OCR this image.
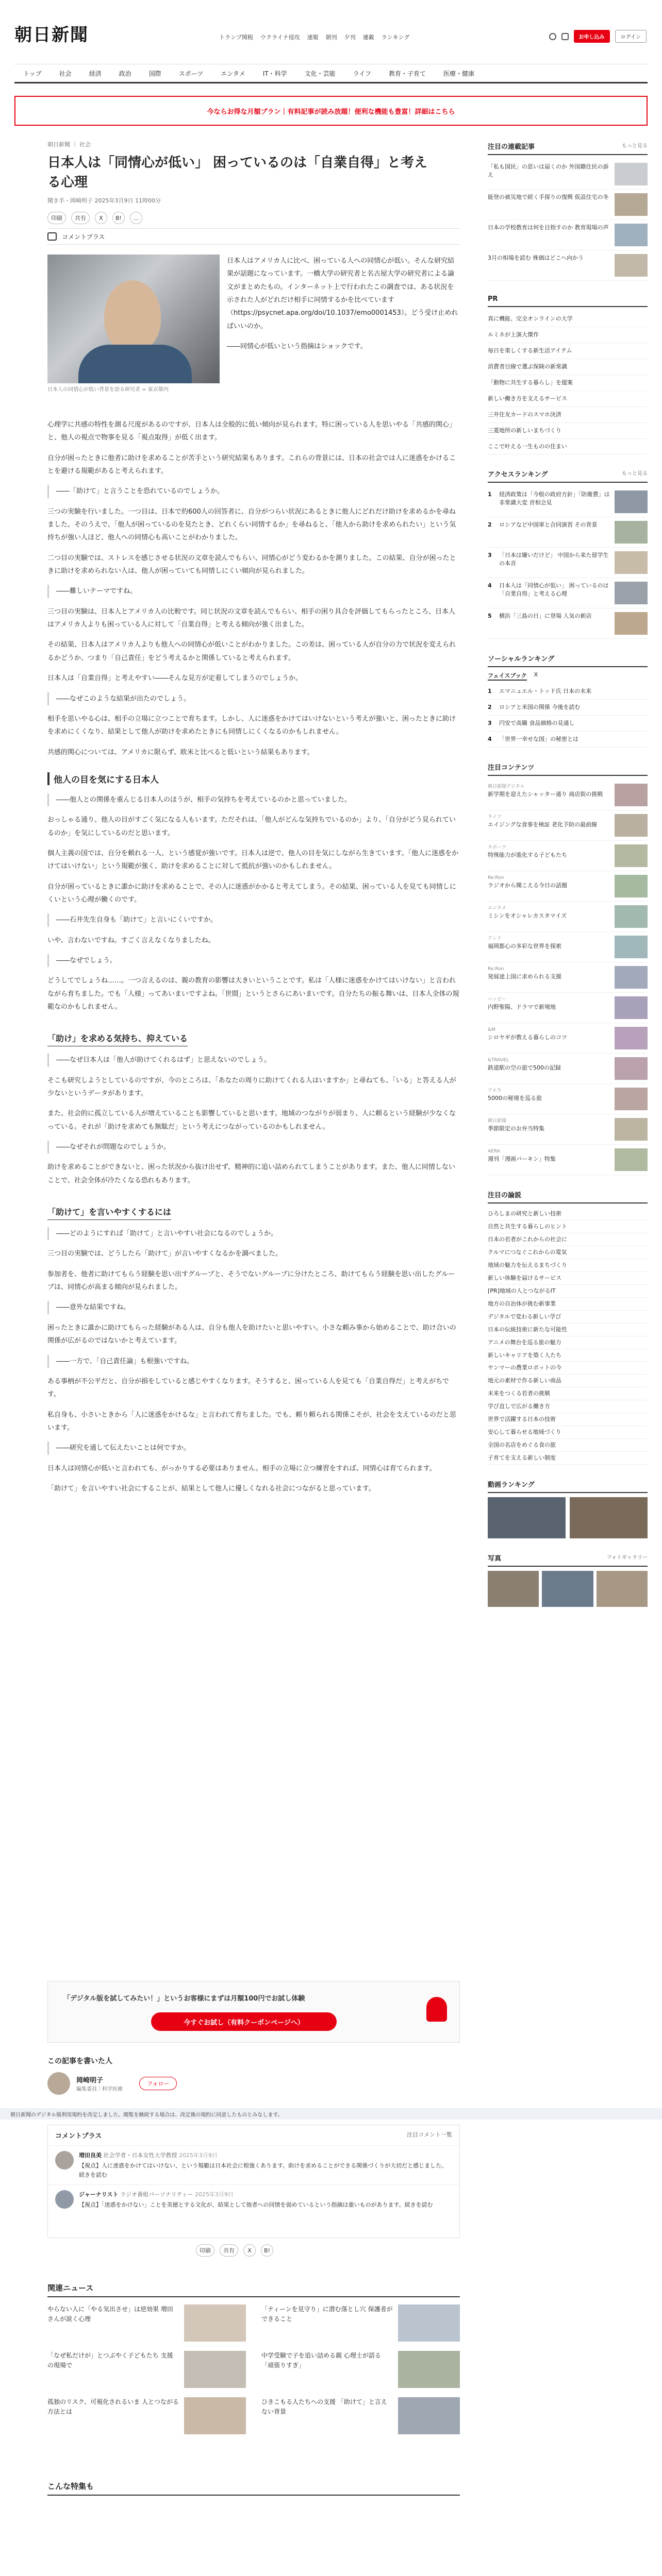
朝日新聞	トランプ関税 ウクライナ侵攻 速報 朝刊 夕刊 連載 ランキング	お申し込み	ログイン
トップ	社会	経済	政治	国際	スポーツ	エンタメ	IT・科学	文化・芸能	ライフ	教育・子育て	医療・健康
今ならお得な月額プラン｜有料記事が読み放題！便利な機能も豊富！詳細はこちら
朝日新聞 ｜ 社会
日本人は「同情心が低い」 困っているのは「自業自得」と考える心理
聞き手・岡崎明子 2025年3月9日 11時00分
印刷	共有	X	B!	…
コメントプラス
日本人の同情心が低い背景を語る研究者 = 東京都内

日本人はアメリカ人に比べ、困っている人への同情心が低い。そんな研究結果が話題になっています。一橋大学の研究者と名古屋大学の研究者による論文がまとめたもの。インターネット上で行われたこの調査では、ある状況を示された人がどれだけ相手に同情するかを比べています（https://psycnet.apa.org/doi/10.1037/emo0001453）。どう受け止めればいいのか。

――同情心が低いという指摘はショックです。

心理学に共感の特性を測る尺度があるのですが、日本人は全般的に低い傾向が見られます。特に困っている人を思いやる「共感的関心」と、他人の視点で物事を見る「視点取得」が低く出ます。

自分が困ったときに他者に助けを求めることが苦手という研究結果もあります。これらの背景には、日本の社会では人に迷惑をかけることを避ける規範があると考えられます。

――「助けて」と言うことを恐れているのでしょうか。

三つの実験を行いました。一つ目は、日本で約600人の回答者に、自分がつらい状況にあるときに他人にどれだけ助けを求めるかを尋ねました。そのうえで、「他人が困っているのを見たとき、どれくらい同情するか」を尋ねると、「他人から助けを求められたい」という気持ちが強い人ほど、他人への同情心も高いことがわかりました。

二つ目の実験では、ストレスを感じさせる状況の文章を読んでもらい、同情心がどう変わるかを測りました。この結果、自分が困ったときに助けを求められない人は、他人が困っていても同情しにくい傾向が見られました。

――難しいテーマですね。

三つ目の実験は、日本人とアメリカ人の比較です。同じ状況の文章を読んでもらい、相手の困り具合を評価してもらったところ、日本人はアメリカ人よりも困っている人に対して「自業自得」と考える傾向が強く出ました。

その結果、日本人はアメリカ人よりも他人への同情心が低いことがわかりました。この差は、困っている人が自分の力で状況を変えられるかどうか、つまり「自己責任」をどう考えるかと関係していると考えられます。

日本人は「自業自得」と考えやすい――そんな見方が定着してしまうのでしょうか。

――なぜこのような結果が出たのでしょう。

相手を思いやる心は、相手の立場に立つことで育ちます。しかし、人に迷惑をかけてはいけないという考えが強いと、困ったときに助けを求めにくくなり、結果として他人が助けを求めたときにも同情しにくくなるのかもしれません。

共感的関心については、アメリカに限らず、欧米と比べると低いという結果もあります。

他人の目を気にする日本人

――他人との関係を重んじる日本人のほうが、相手の気持ちを考えているのかと思っていました。

おっしゃる通り、他人の目がすごく気になる人もいます。ただそれは、「他人がどんな気持ちでいるのか」より、「自分がどう見られているのか」を気にしているのだと思います。

個人主義の国では、自分を頼れる一人、という感覚が強いです。日本人は逆で、他人の目を気にしながら生きています。「他人に迷惑をかけてはいけない」という規範が強く、助けを求めることに対して抵抗が強いのかもしれません。

自分が困っているときに誰かに助けを求めることで、その人に迷惑がかかると考えてしまう。その結果、困っている人を見ても同情しにくいという心理が働くのです。

――石井先生自身も「助けて」と言いにくいですか。

いや、言わないですね。すごく言えなくなりましたね。

――なぜでしょう。

どうしてでしょうね……。一つ言えるのは、親の教育の影響は大きいということです。私は「人様に迷惑をかけてはいけない」と言われながら育ちました。でも「人様」ってあいまいですよね。「世間」というとさらにあいまいです。自分たちの振る舞いは、日本人全体の規範なのかもしれません。

「助け」を求める気持ち、抑えている

――なぜ日本人は「他人が助けてくれるはず」と思えないのでしょう。

そこも研究しようとしているのですが、今のところは、「あなたの周りに助けてくれる人はいますか」と尋ねても、「いる」と答える人が少ないというデータがあります。

また、社会的に孤立している人が増えていることも影響していると思います。地域のつながりが弱まり、人に頼るという経験が少なくなっている。それが「助けを求めても無駄だ」という考えにつながっているのかもしれません。

――なぜそれが問題なのでしょうか。

助けを求めることができないと、困った状況から抜け出せず、精神的に追い詰められてしまうことがあります。また、他人に同情しないことで、社会全体が冷たくなる恐れもあります。

「助けて」を言いやすくするには

――どのようにすれば「助けて」と言いやすい社会になるのでしょうか。

三つ目の実験では、どうしたら「助けて」が言いやすくなるかを調べました。

参加者を、他者に助けてもらう経験を思い出すグループと、そうでないグループに分けたところ、助けてもらう経験を思い出したグループは、同情心が高まる傾向が見られました。

――意外な結果ですね。

困ったときに誰かに助けてもらった経験がある人は、自分も他人を助けたいと思いやすい。小さな頼み事から始めることで、助け合いの関係が広がるのではないかと考えています。

――一方で、「自己責任論」も根強いですね。

ある事柄が不公平だと、自分が損をしていると感じやすくなります。そうすると、困っている人を見ても「自業自得だ」と考えがちです。

私自身も、小さいときから「人に迷惑をかけるな」と言われて育ちました。でも、頼り頼られる関係こそが、社会を支えているのだと思います。

――研究を通して伝えたいことは何ですか。

日本人は同情心が低いと言われても、がっかりする必要はありません。相手の立場に立つ練習をすれば、同情心は育てられます。

「助けて」を言いやすい社会にすることが、結果として他人に優しくなれる社会につながると思っています。

「デジタル版を試してみたい！」というお客様にまずは月額100円でお試し体験
今すぐお試し（有料クーポンページへ）
この記事を書いた人
岡崎明子
編集委員｜科学医療
フォロー
朝日新聞のデジタル版利用規約を改定しました。閲覧を継続する場合は、改定後の規約に同意したものとみなします。
コメントプラス	注目コメント一覧
増田良美 社会学者・日本女性大学教授 2025年3月9日
【視点】人に迷惑をかけてはいけない、という規範は日本社会に根強くあります。助けを求めることができる関係づくりが大切だと感じました。続きを読む
ジャーナリスト ラジオ番組パーソナリティー 2025年3月9日
【視点】「迷惑をかけない」ことを美徳とする文化が、結果として他者への同情を弱めているという指摘は重いものがあります。続きを読む
印刷	共有	X	B!
関連ニュース
やらない人に「やる気出させ」は逆効果 増田さんが説く心理
「ティーンを見守り」に潜む落とし穴 保護者ができること
「なぜ私だけが」とつぶやく子どもたち 支援の現場で
中学受験で子を追い詰める親 心理士が語る「頑張りすぎ」
孤独のリスク、可視化されるいま 人とつながる方法とは
ひきこもる人たちへの支援 「助けて」と言えない背景
こんな特集も
注目の連載記事	もっと見る
「私も国民」の思いは届くのか 外国籍住民の訴え
能登の被災地で続く手探りの復興 仮設住宅の冬
日本の学校教育は何を目指すのか 教育現場の声
3月の相場を読む 株価はどこへ向かう
PR
真に機能、完全オンラインの大学
ルミネが上演大傑作
毎日を楽しくする新生活アイテム
消費者目線で選ぶ保険の新常識
「動物に共生する暮らし」を提案
新しい働き方を支えるサービス
三井住友カードのスマホ決済
三菱地所の新しいまちづくり
ここで叶える一生ものの住まい
アクセスランキング	もっと見る
1	経済政策は「今般の政府方針」「防衛費」は非常識大変 首相会見
2	ロシアなど中国軍と合同演習 その背景
3	「日本は嫌いだけど」 中国から来た留学生の本音
4	日本人は「同情心が低い」 困っているのは「自業自得」と考える心理
5	横浜「三島の日」に登場 人気の新店
ソーシャルランキング
フェイスブック X
1	エマニュエル・トッド氏 日本の未来
2	ロシアと米国の関係 今後を読む
3	円安で高騰 食品価格の見通し
4	「世界一幸せな国」の秘密とは
注目コンテンツ
朝日新聞デジタル
新学期を迎えたシャッター通り 商店街の挑戦
ライフ
エイジングな食事を検証 老化予防の最前線
スポーツ
特殊能力が進化する子どもたち
Re:Ron
ラジオから聞こえる今日の話題
エンタメ
ミシンをオシャレカスタマイズ
アンド
福岡都心の多彩な世界を探索
Re:Ron
発展途上国に求められる支援
ハッピー
内野聖陽、ドラマで新境地
&M
シロヤギが教える暮らしのコツ
&TRAVEL
鉄道駅の空の旅で500の記録
アエラ
5000の秘境を巡る旅
朝日新聞
季節限定のお弁当特集
AERA
週刊「漫画バーキン」特集
注目の論説
ひろしまの研究と新しい技術
自然と共生する暮らしのヒント
日本の若者がこれからの社会に
クルマにつなぐこれからの電気
地域の魅力を伝えるまちづくり
新しい体験を届けるサービス
[PR]地域の人とつながるIT
地方の自治体が挑む新事業
デジタルで変わる新しい学び
日本の伝統技術に新たな可能性
アニメの舞台を巡る旅の魅力
新しいキャリアを築く人たち
ヤンマーの農業ロボットの今
地元の素材で作る新しい商品
未来をつくる若者の挑戦
学び直しで広がる働き方
世界で活躍する日本の技術
安心して暮らせる地域づくり
全国の名店をめぐる食の旅
子育てを支える新しい制度
動画ランキング
写真	フォトギャラリー
